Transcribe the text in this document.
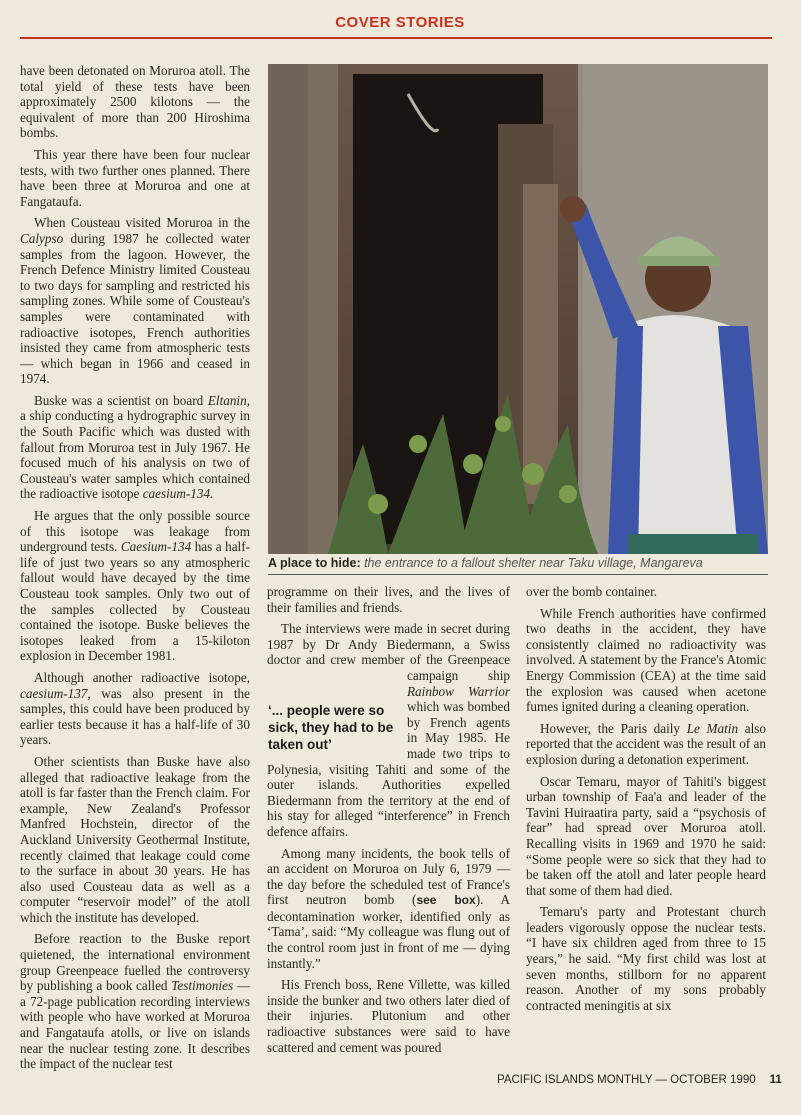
COVER STORIES

have been detonated on Moruroa atoll. The total yield of these tests have been approximately 2500 kilotons — the equivalent of more than 200 Hiroshima bombs.

This year there have been four nuclear tests, with two further ones planned. There have been three at Moruroa and one at Fangataufa.

When Cousteau visited Moruroa in the Calypso during 1987 he collected water samples from the lagoon. However, the French Defence Ministry limited Cousteau to two days for sampling and restricted his sampling zones. While some of Cousteau's samples were contaminated with radioactive isotopes, French authorities insisted they came from atmospheric tests — which began in 1966 and ceased in 1974.

Buske was a scientist on board Eltanin, a ship conducting a hydrographic survey in the South Pacific which was dusted with fallout from Moruroa test in July 1967. He focused much of his analysis on two of Cousteau's water samples which contained the radioactive isotope caesium-134.

He argues that the only possible source of this isotope was leakage from underground tests. Caesium-134 has a half-life of just two years so any atmospheric fallout would have decayed by the time Cousteau took samples. Only two out of the samples collected by Cousteau contained the isotope. Buske believes the isotopes leaked from a 15-kiloton explosion in December 1981.

Although another radioactive isotope, caesium-137, was also present in the samples, this could have been produced by earlier tests because it has a half-life of 30 years.

Other scientists than Buske have also alleged that radioactive leakage from the atoll is far faster than the French claim. For example, New Zealand's Professor Manfred Hochstein, director of the Auckland University Geothermal Institute, recently claimed that leakage could come to the surface in about 30 years. He has also used Cousteau data as well as a computer “reservoir model” of the atoll which the institute has developed.

Before reaction to the Buske report quietened, the international environment group Greenpeace fuelled the controversy by publishing a book called Testimonies — a 72-page publication recording interviews with people who have worked at Moruroa and Fangataufa atolls, or live on islands near the nuclear testing zone. It describes the impact of the nuclear test

A place to hide: the entrance to a fallout shelter near Taku village, Mangareva

programme on their lives, and the lives of their families and friends.

The interviews were made in secret during 1987 by Dr Andy Biedermann, a Swiss doctor and crew member of the Greenpeace campaign ship
Rainbow Warrior which was bombed by French agents in May 1985. He made two trips to Polynesia, visiting Tahiti and some of the outer islands. Authorities expelled Biedermann from the territory at the end of his stay for alleged “interference” in French defence affairs.

Among many incidents, the book tells of an accident on Moruroa on July 6, 1979 — the day before the scheduled test of France's first neutron bomb (see box). A decontamination worker, identified only as ‘Tama’, said: “My colleague was flung out of the control room just in front of me — dying instantly.”

His French boss, Rene Villette, was killed inside the bunker and two others later died of their injuries. Plutonium and other radioactive substances were said to have scattered and cement was poured

‘... people were so sick, they had to be taken out’

over the bomb container.

While French authorities have confirmed two deaths in the accident, they have consistently claimed no radioactivity was involved. A statement by the France's Atomic Energy Commission (CEA) at the time said the explosion was caused when acetone fumes ignited during a cleaning operation.

However, the Paris daily Le Matin also reported that the accident was the result of an explosion during a detonation experiment.

Oscar Temaru, mayor of Tahiti's biggest urban township of Faa'a and leader of the Tavini Huiraatira party, said a “psychosis of fear” had spread over Moruroa atoll. Recalling visits in 1969 and 1970 he said: “Some people were so sick that they had to be taken off the atoll and later people heard that some of them had died.

Temaru's party and Protestant church leaders vigorously oppose the nuclear tests. “I have six children aged from three to 15 years,” he said. “My first child was lost at seven months, stillborn for no apparent reason. Another of my sons probably contracted meningitis at six

PACIFIC ISLANDS MONTHLY — OCTOBER 1990 11
